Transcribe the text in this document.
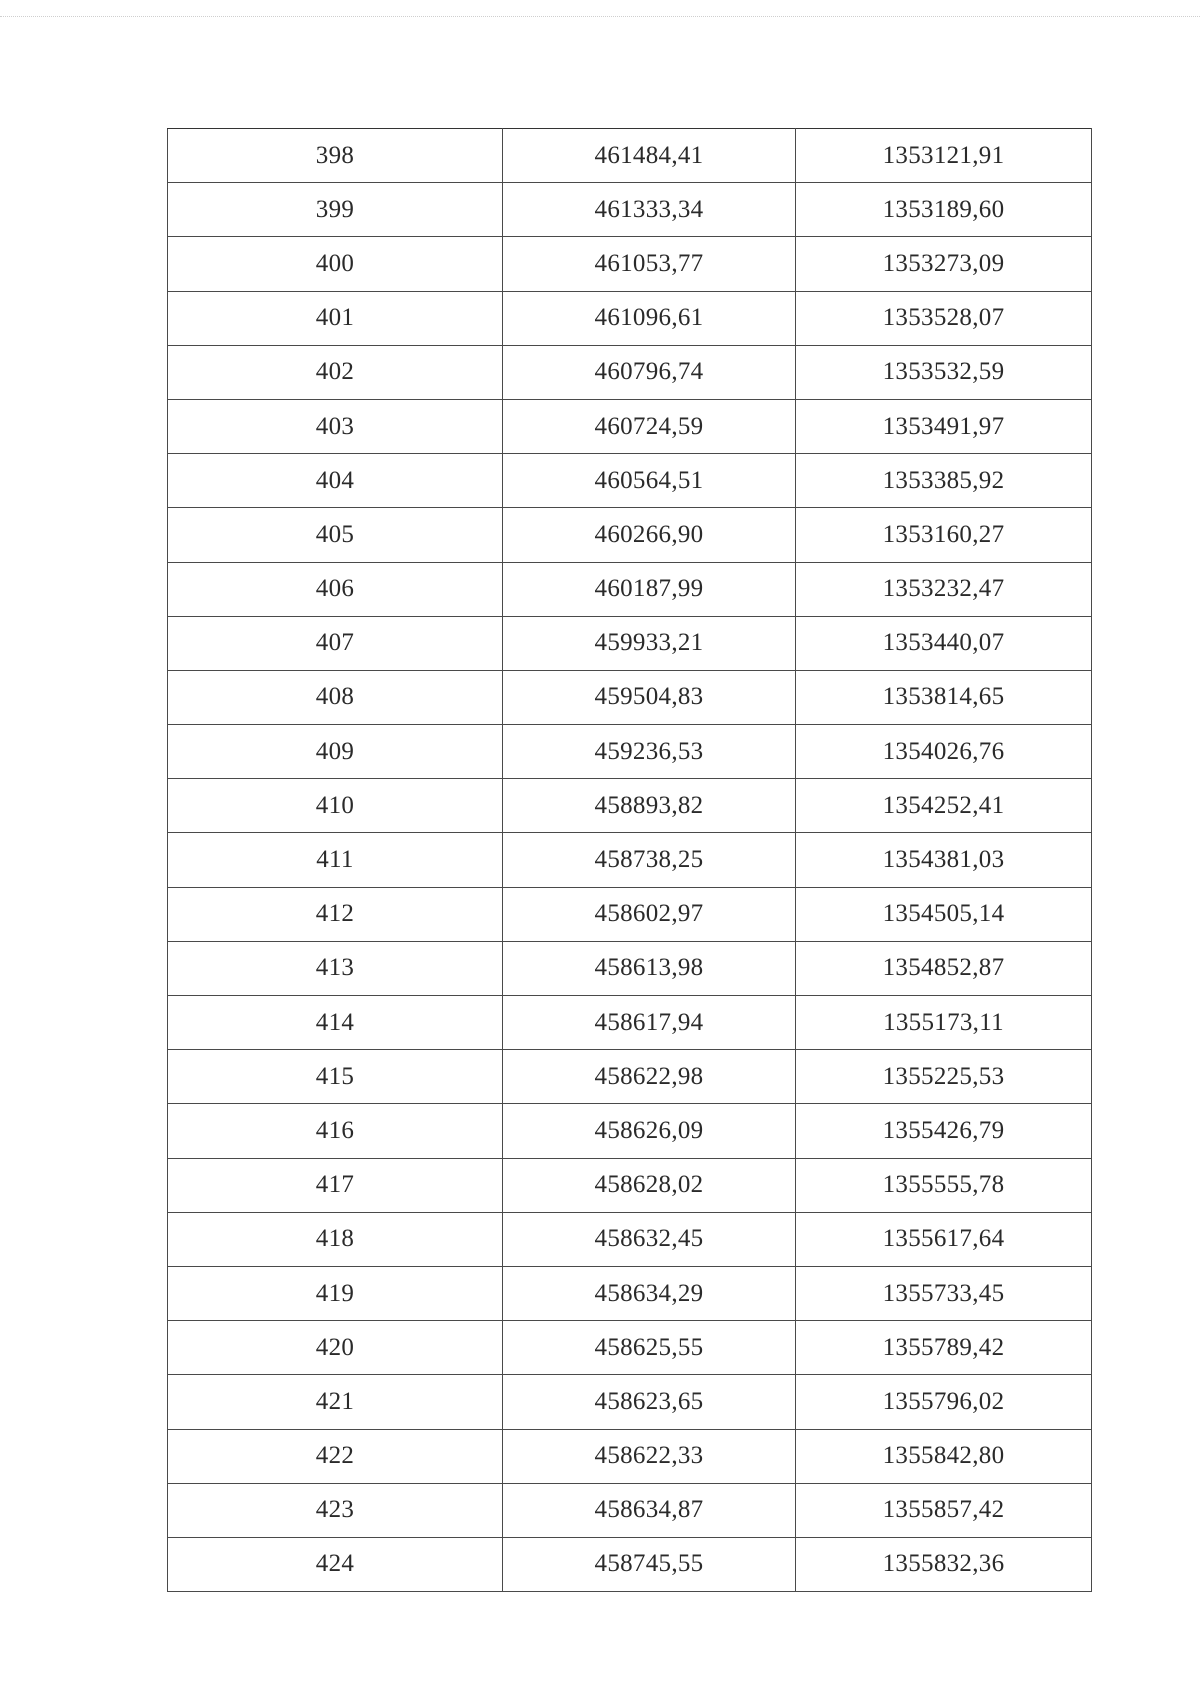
398	461484,41	1353121,91
399	461333,34	1353189,60
400	461053,77	1353273,09
401	461096,61	1353528,07
402	460796,74	1353532,59
403	460724,59	1353491,97
404	460564,51	1353385,92
405	460266,90	1353160,27
406	460187,99	1353232,47
407	459933,21	1353440,07
408	459504,83	1353814,65
409	459236,53	1354026,76
410	458893,82	1354252,41
411	458738,25	1354381,03
412	458602,97	1354505,14
413	458613,98	1354852,87
414	458617,94	1355173,11
415	458622,98	1355225,53
416	458626,09	1355426,79
417	458628,02	1355555,78
418	458632,45	1355617,64
419	458634,29	1355733,45
420	458625,55	1355789,42
421	458623,65	1355796,02
422	458622,33	1355842,80
423	458634,87	1355857,42
424	458745,55	1355832,36
